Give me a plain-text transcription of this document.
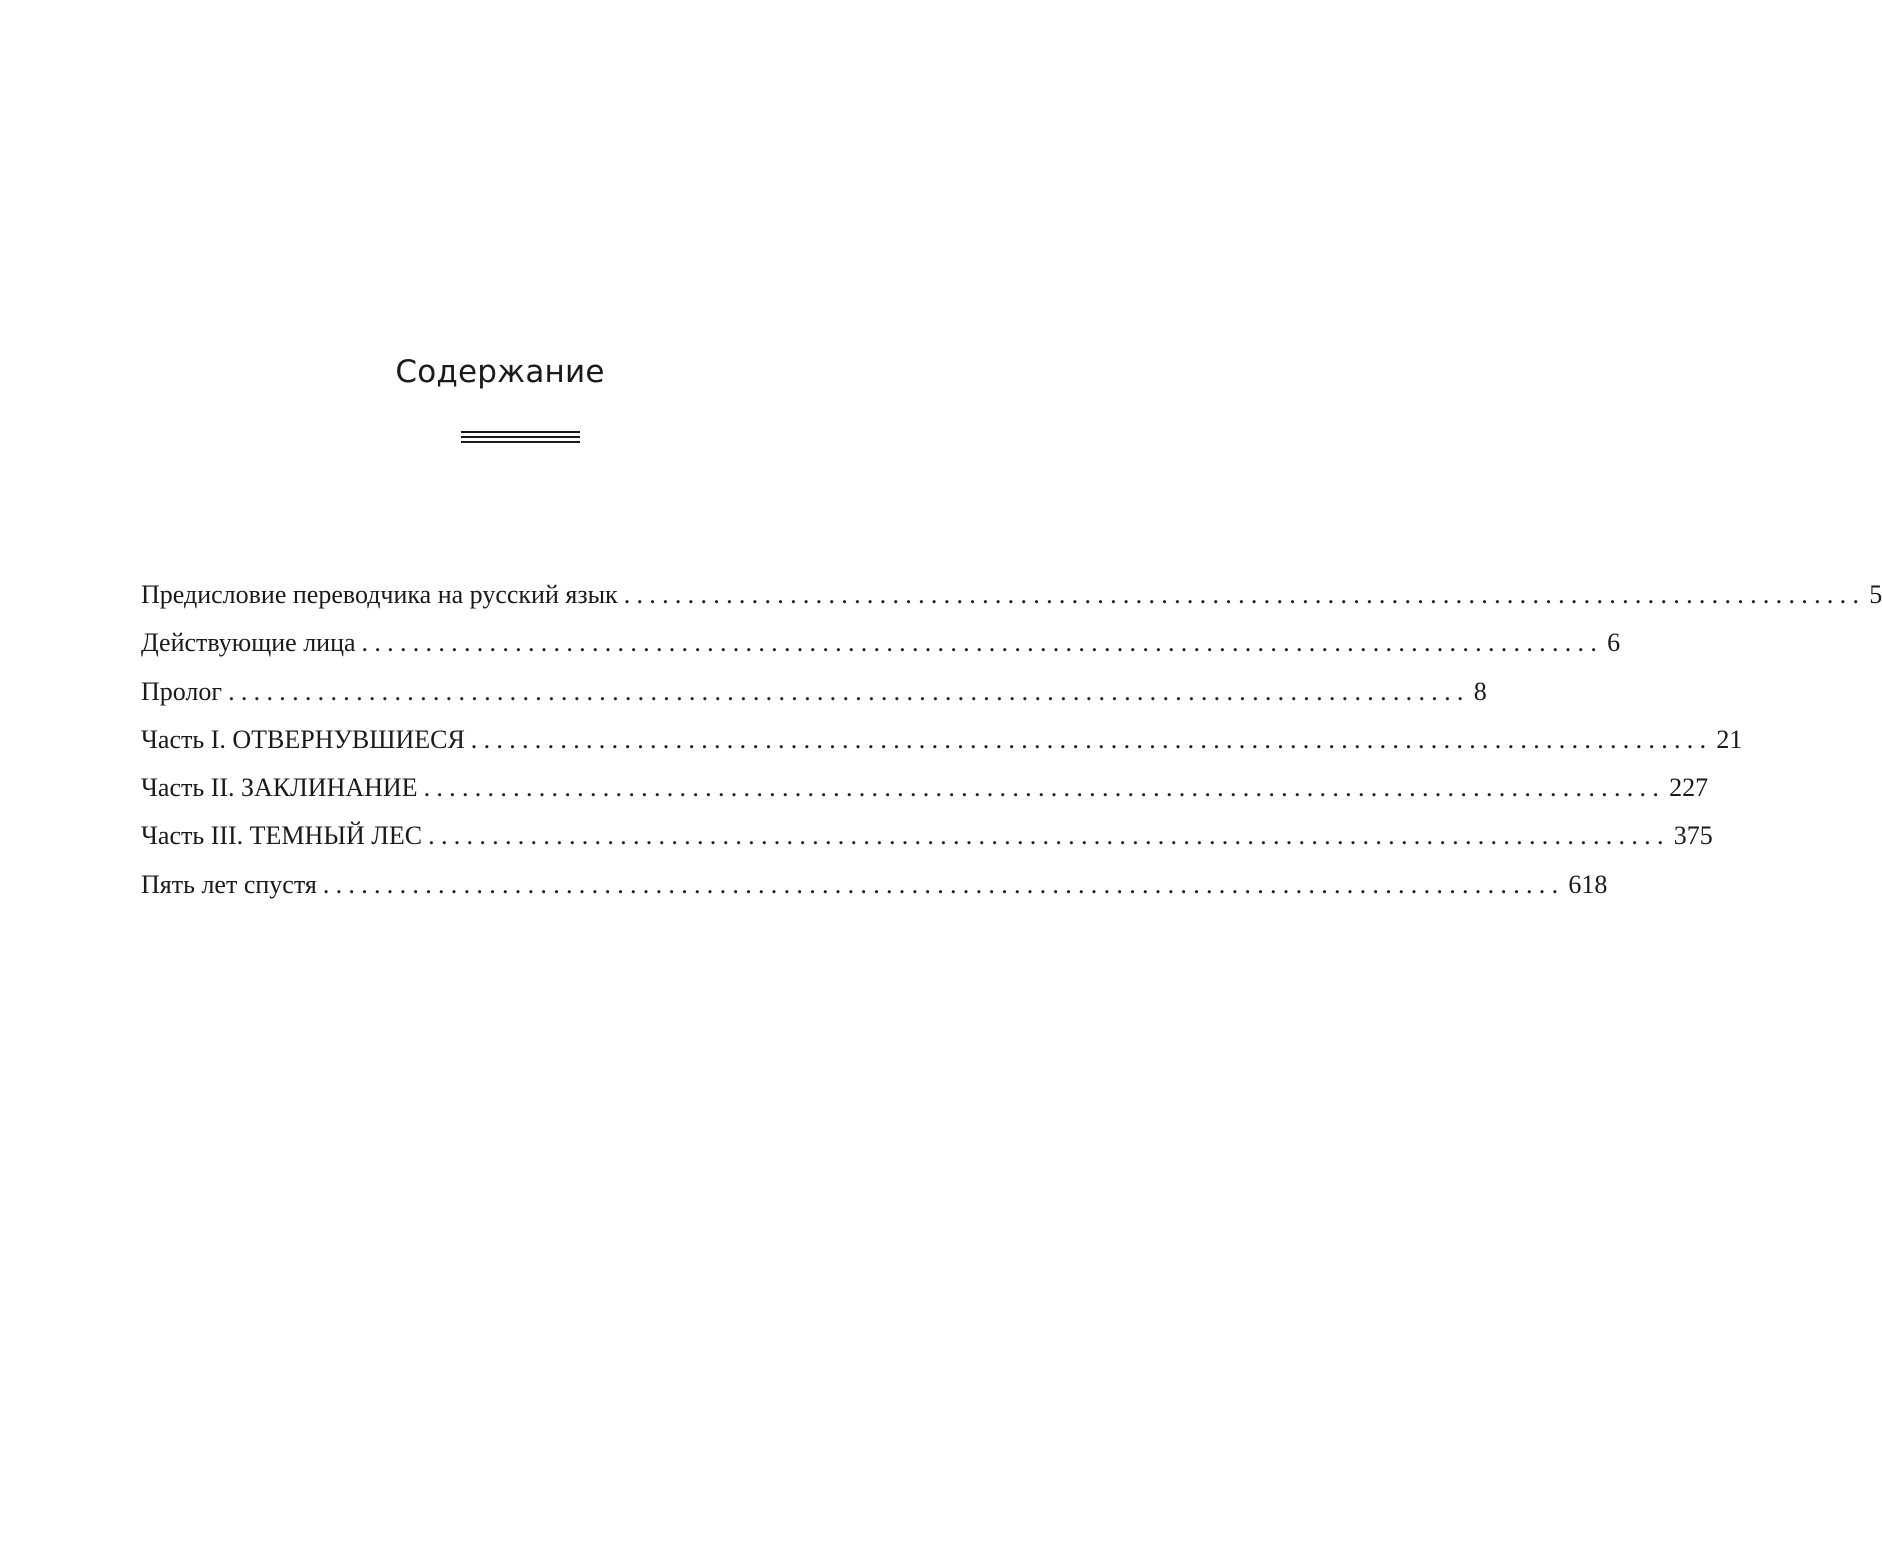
Содержание
Предисловие переводчика на русский язык ................................................................................................. 5
Действующие лица ................................................................................................. 6
Пролог ................................................................................................. 8
Часть I. ОТВЕРНУВШИЕСЯ ................................................................................................. 21
Часть II. ЗАКЛИНАНИЕ ................................................................................................. 227
Часть III. ТЕМНЫЙ ЛЕС ................................................................................................. 375
Пять лет спустя ................................................................................................. 618
